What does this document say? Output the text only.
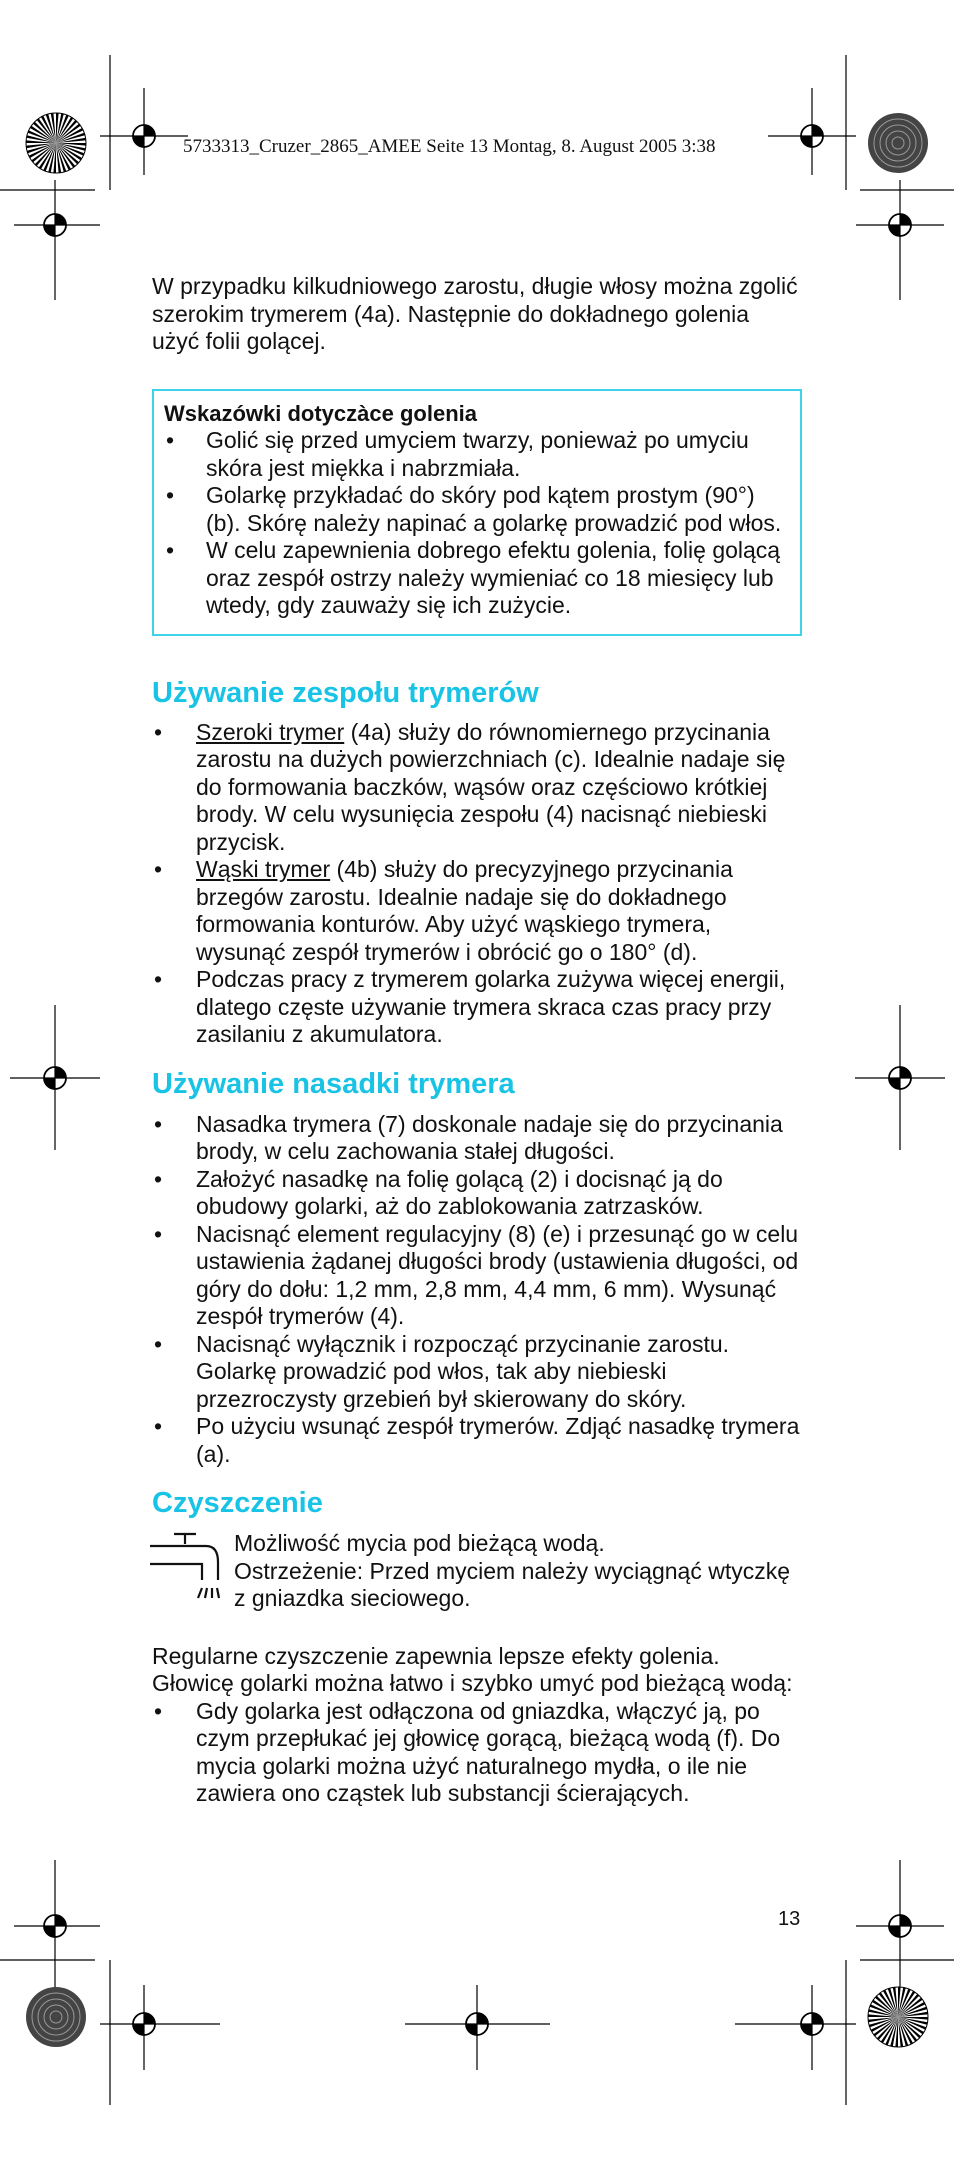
5733313_Cruzer_2865_AMEE Seite 13 Montag, 8. August 2005 3:38

W przypadku kilkudniowego zarostu, długie włosy można zgolić szerokim trymerem (4a). Następnie do dokładnego golenia użyć folii golącej.

Wskazówki dotyczàce golenia
• Golić się przed umyciem twarzy, ponieważ po umyciu skóra jest miękka i nabrzmiała.
• Golarkę przykładać do skóry pod kątem prostym (90°) (b). Skórę należy napinać a golarkę prowadzić pod włos.
• W celu zapewnienia dobrego efektu golenia, folię golącą oraz zespół ostrzy należy wymieniać co 18 miesięcy lub wtedy, gdy zauważy się ich zużycie.
Używanie zespołu trymerów
• Szeroki trymer (4a) służy do równomiernego przycinania zarostu na dużych powierzchniach (c). Idealnie nadaje się do formowania baczków, wąsów oraz częściowo krótkiej brody. W celu wysunięcia zespołu (4) nacisnąć niebieski przycisk.
• Wąski trymer (4b) służy do precyzyjnego przycinania brzegów zarostu. Idealnie nadaje się do dokładnego formowania konturów. Aby użyć wąskiego trymera, wysunąć zespół trymerów i obrócić go o 180° (d).
• Podczas pracy z trymerem golarka zużywa więcej energii, dlatego częste używanie trymera skraca czas pracy przy zasilaniu z akumulatora.
Używanie nasadki trymera
• Nasadka trymera (7) doskonale nadaje się do przycinania brody, w celu zachowania stałej długości.
• Założyć nasadkę na folię golącą (2) i docisnąć ją do obudowy golarki, aż do zablokowania zatrzasków.
• Nacisnąć element regulacyjny (8) (e) i przesunąć go w celu ustawienia żądanej długości brody (ustawienia długości, od góry do dołu: 1,2 mm, 2,8 mm, 4,4 mm, 6 mm). Wysunąć zespół trymerów (4).
• Nacisnąć wyłącznik i rozpocząć przycinanie zarostu. Golarkę prowadzić pod włos, tak aby niebieski przezroczysty grzebień był skierowany do skóry.
• Po użyciu wsunąć zespół trymerów. Zdjąć nasadkę trymera (a).
Czyszczenie
Możliwość mycia pod bieżącą wodą.
Ostrzeżenie: Przed myciem należy wyciągnąć wtyczkę z gniazdka sieciowego.

Regularne czyszczenie zapewnia lepsze efekty golenia. Głowicę golarki można łatwo i szybko umyć pod bieżącą wodą:

• Gdy golarka jest odłączona od gniazdka, włączyć ją, po czym przepłukać jej głowicę gorącą, bieżącą wodą (f). Do mycia golarki można użyć naturalnego mydła, o ile nie zawiera ono cząstek lub substancji ścierających.
13
